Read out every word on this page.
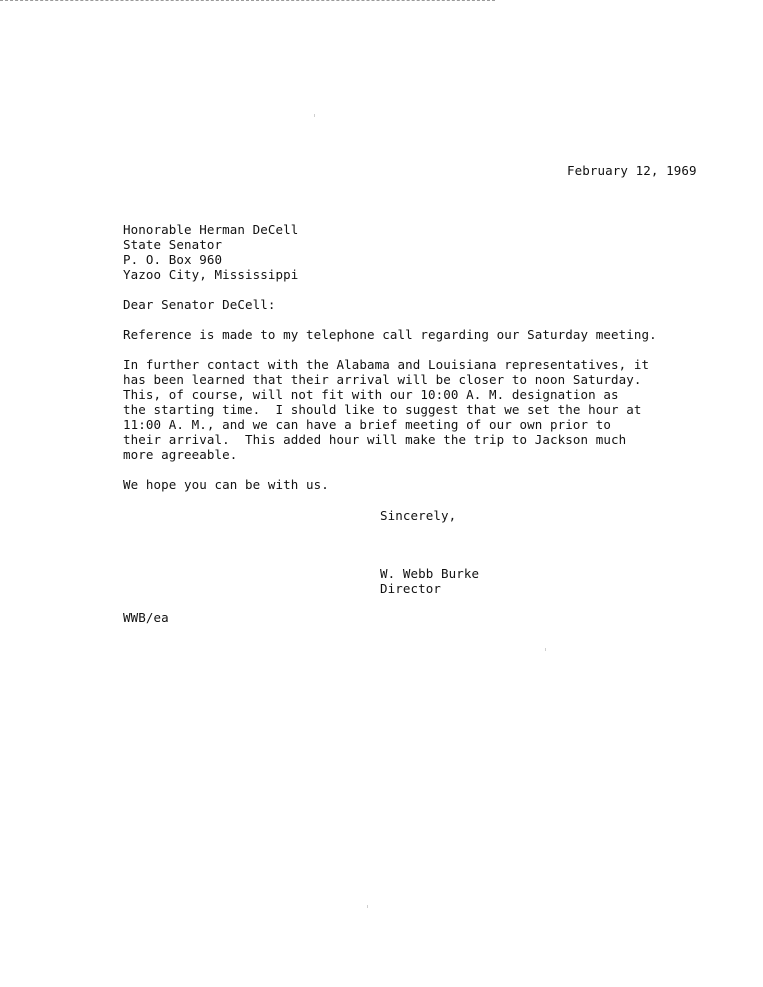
February 12, 1969
Honorable Herman DeCell
State Senator
P. O. Box 960
Yazoo City, Mississippi
Dear Senator DeCell:
Reference is made to my telephone call regarding our Saturday meeting.
In further contact with the Alabama and Louisiana representatives, it
has been learned that their arrival will be closer to noon Saturday.
This, of course, will not fit with our 10:00 A. M. designation as
the starting time.  I should like to suggest that we set the hour at
11:00 A. M., and we can have a brief meeting of our own prior to
their arrival.  This added hour will make the trip to Jackson much
more agreeable.
We hope you can be with us.
Sincerely,
W. Webb Burke
Director
WWB/ea
